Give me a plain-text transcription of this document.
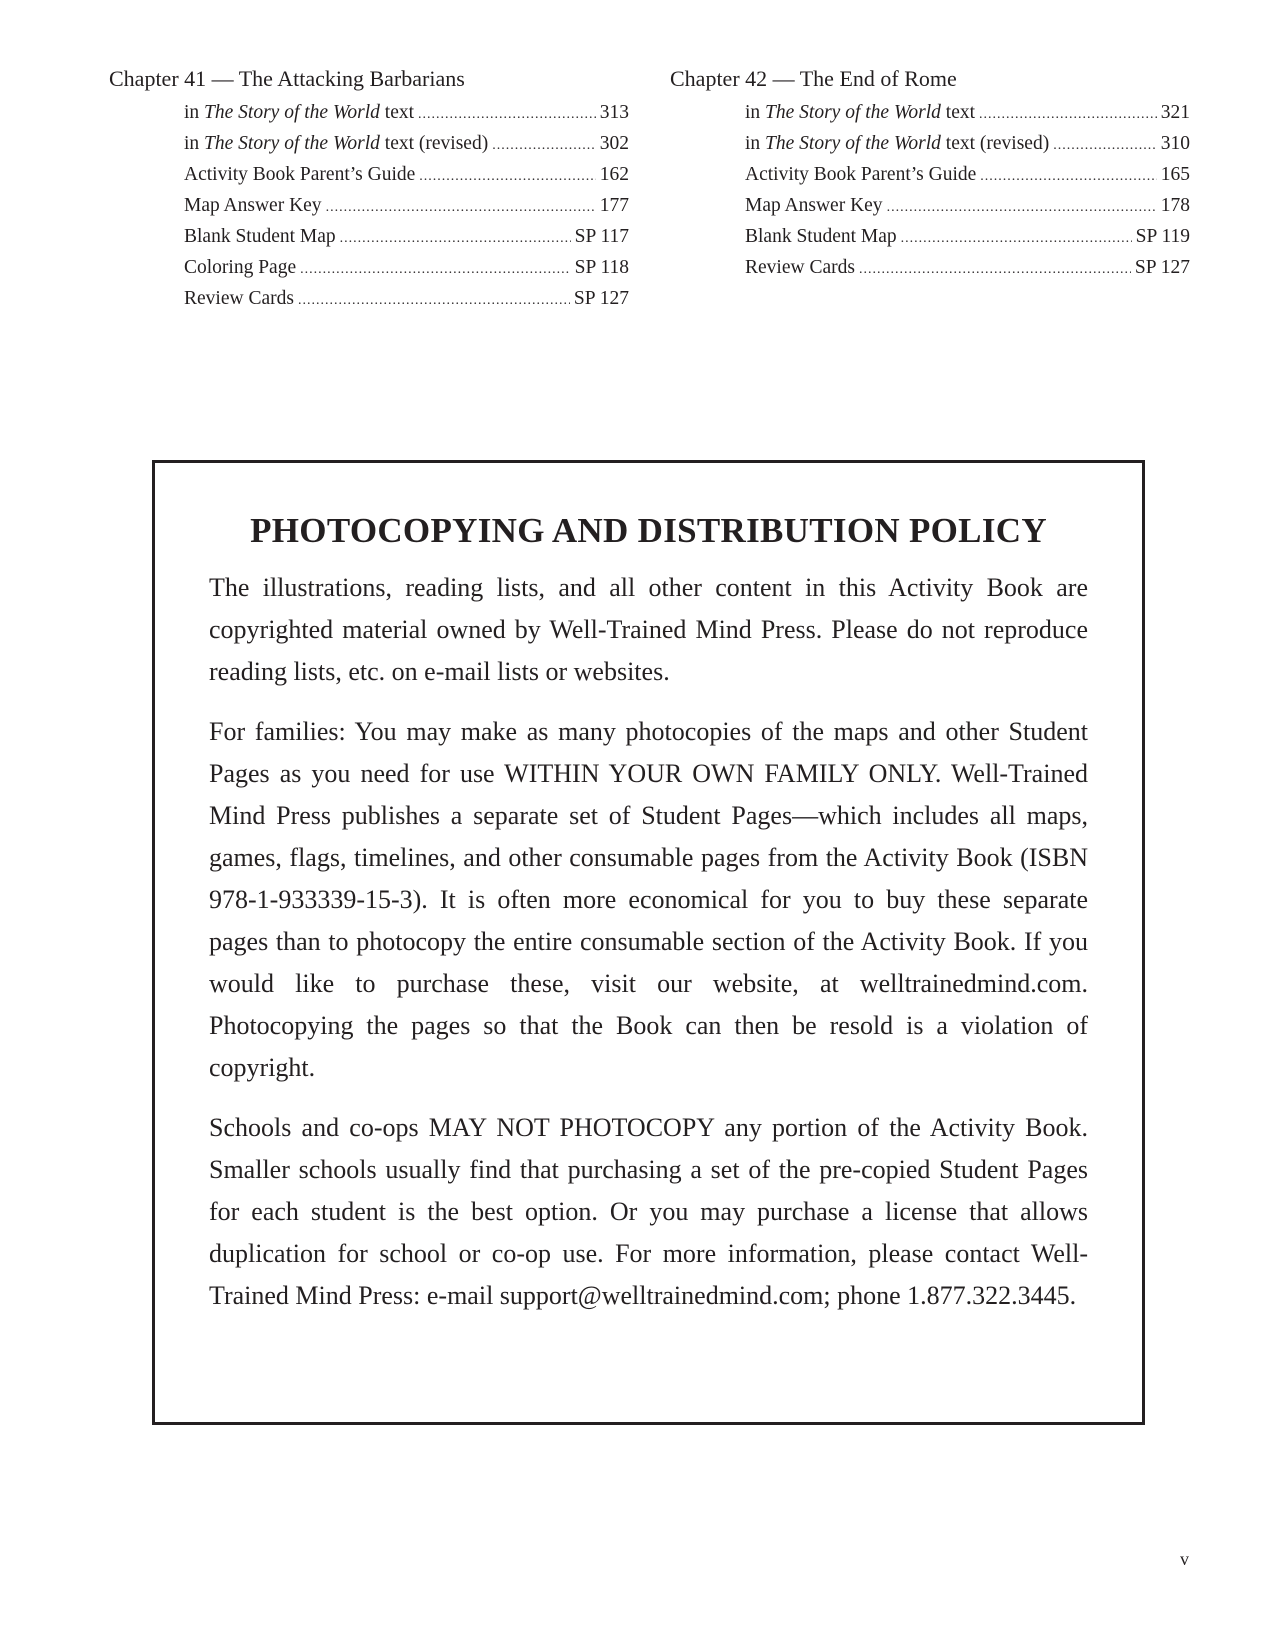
Chapter 41 — The Attacking Barbarians
in The Story of the World text .....	313
in The Story of the World text (revised) .....	302
Activity Book Parent’s Guide .....	162
Map Answer Key .....	177
Blank Student Map .....	SP 117
Coloring Page .....	SP 118
Review Cards .....	SP 127
Chapter 42 — The End of Rome
in The Story of the World text .....	321
in The Story of the World text (revised) .....	310
Activity Book Parent’s Guide .....	165
Map Answer Key .....	178
Blank Student Map .....	SP 119
Review Cards .....	SP 127
PHOTOCOPYING AND DISTRIBUTION POLICY

The illustrations, reading lists, and all other content in this Activity Book are copyrighted material owned by Well-Trained Mind Press. Please do not reproduce reading lists, etc. on e-mail lists or websites.

For families: You may make as many photocopies of the maps and other Student Pages as you need for use WITHIN YOUR OWN FAMILY ONLY. Well-Trained Mind Press publishes a separate set of Student Pages—which includes all maps, games, flags, timelines, and other consumable pages from the Activity Book (ISBN 978-1-933339-15-3). It is often more economical for you to buy these separate pages than to photocopy the entire consumable section of the Activity Book. If you would like to purchase these, visit our website, at welltrainedmind.com. Photocopying the pages so that the Book can then be resold is a violation of copyright.

Schools and co-ops MAY NOT PHOTOCOPY any portion of the Activity Book. Smaller schools usually find that purchasing a set of the pre-copied Student Pages for each student is the best option. Or you may purchase a license that allows duplication for school or co-op use. For more information, please contact Well-Trained Mind Press: e-mail support@welltrainedmind.com; phone 1.877.322.3445.

v
